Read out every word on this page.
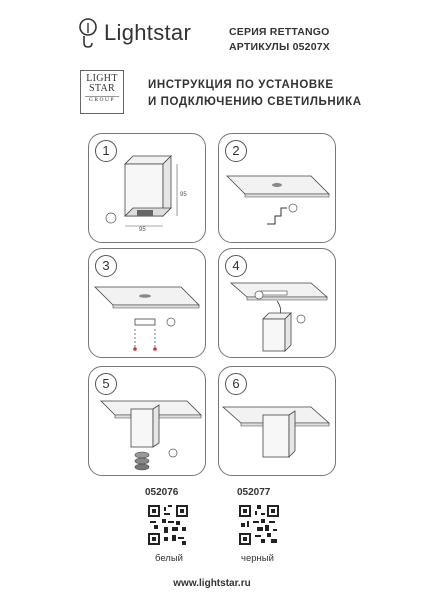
Lightstar	СЕРИЯ RETTANGO
АРТИКУЛЫ 05207X
LIGHT
STAR
GROUP
ИНСТРУКЦИЯ ПО УСТАНОВКЕ
И ПОДКЛЮЧЕНИЮ СВЕТИЛЬНИКА
1
95
95
2
3	4
5	6
052076	052077
белый	черный
www.lightstar.ru
